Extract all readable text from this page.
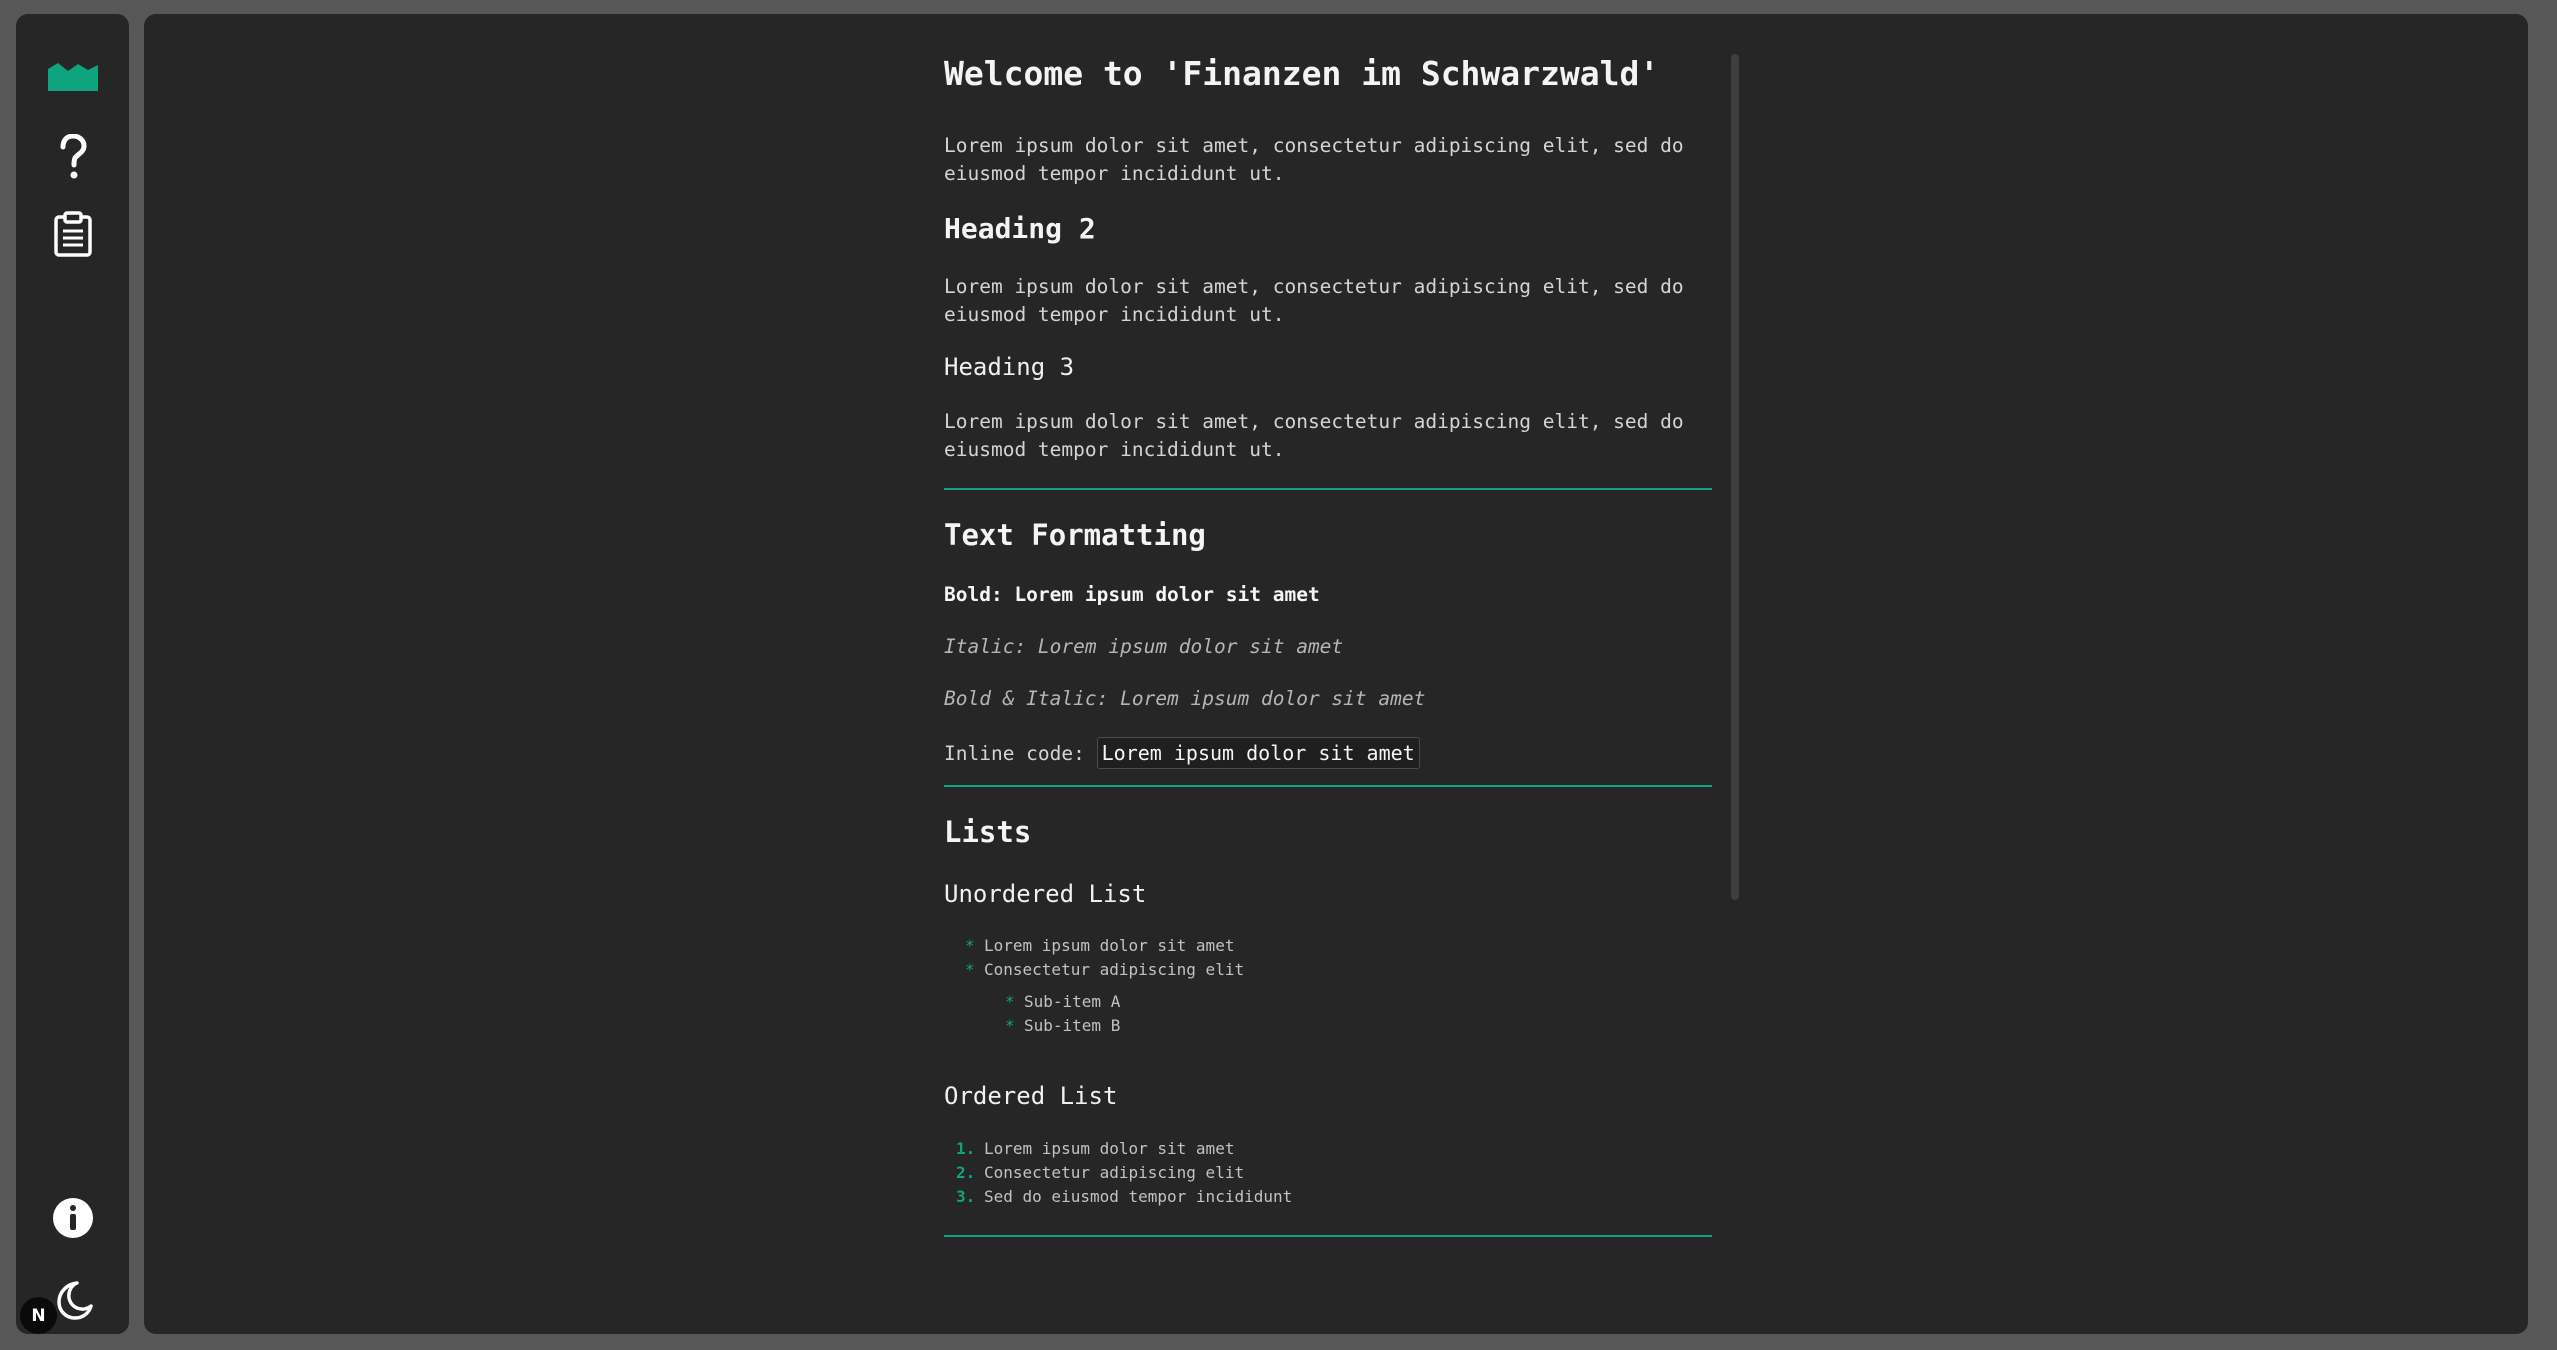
N
Welcome to 'Finanzen im Schwarzwald'

Lorem ipsum dolor sit amet, consectetur adipiscing elit, sed do eiusmod tempor incididunt ut.

Heading 2

Lorem ipsum dolor sit amet, consectetur adipiscing elit, sed do eiusmod tempor incididunt ut.

Heading 3

Lorem ipsum dolor sit amet, consectetur adipiscing elit, sed do eiusmod tempor incididunt ut.

Text Formatting

Bold: Lorem ipsum dolor sit amet

Italic: Lorem ipsum dolor sit amet

Bold & Italic: Lorem ipsum dolor sit amet

Inline code: Lorem ipsum dolor sit amet

Lists
Unordered List
* Lorem ipsum dolor sit amet
* Consectetur adipiscing elit
* Sub-item A
* Sub-item B
Ordered List
1. Lorem ipsum dolor sit amet
2. Consectetur adipiscing elit
3. Sed do eiusmod tempor incididunt
